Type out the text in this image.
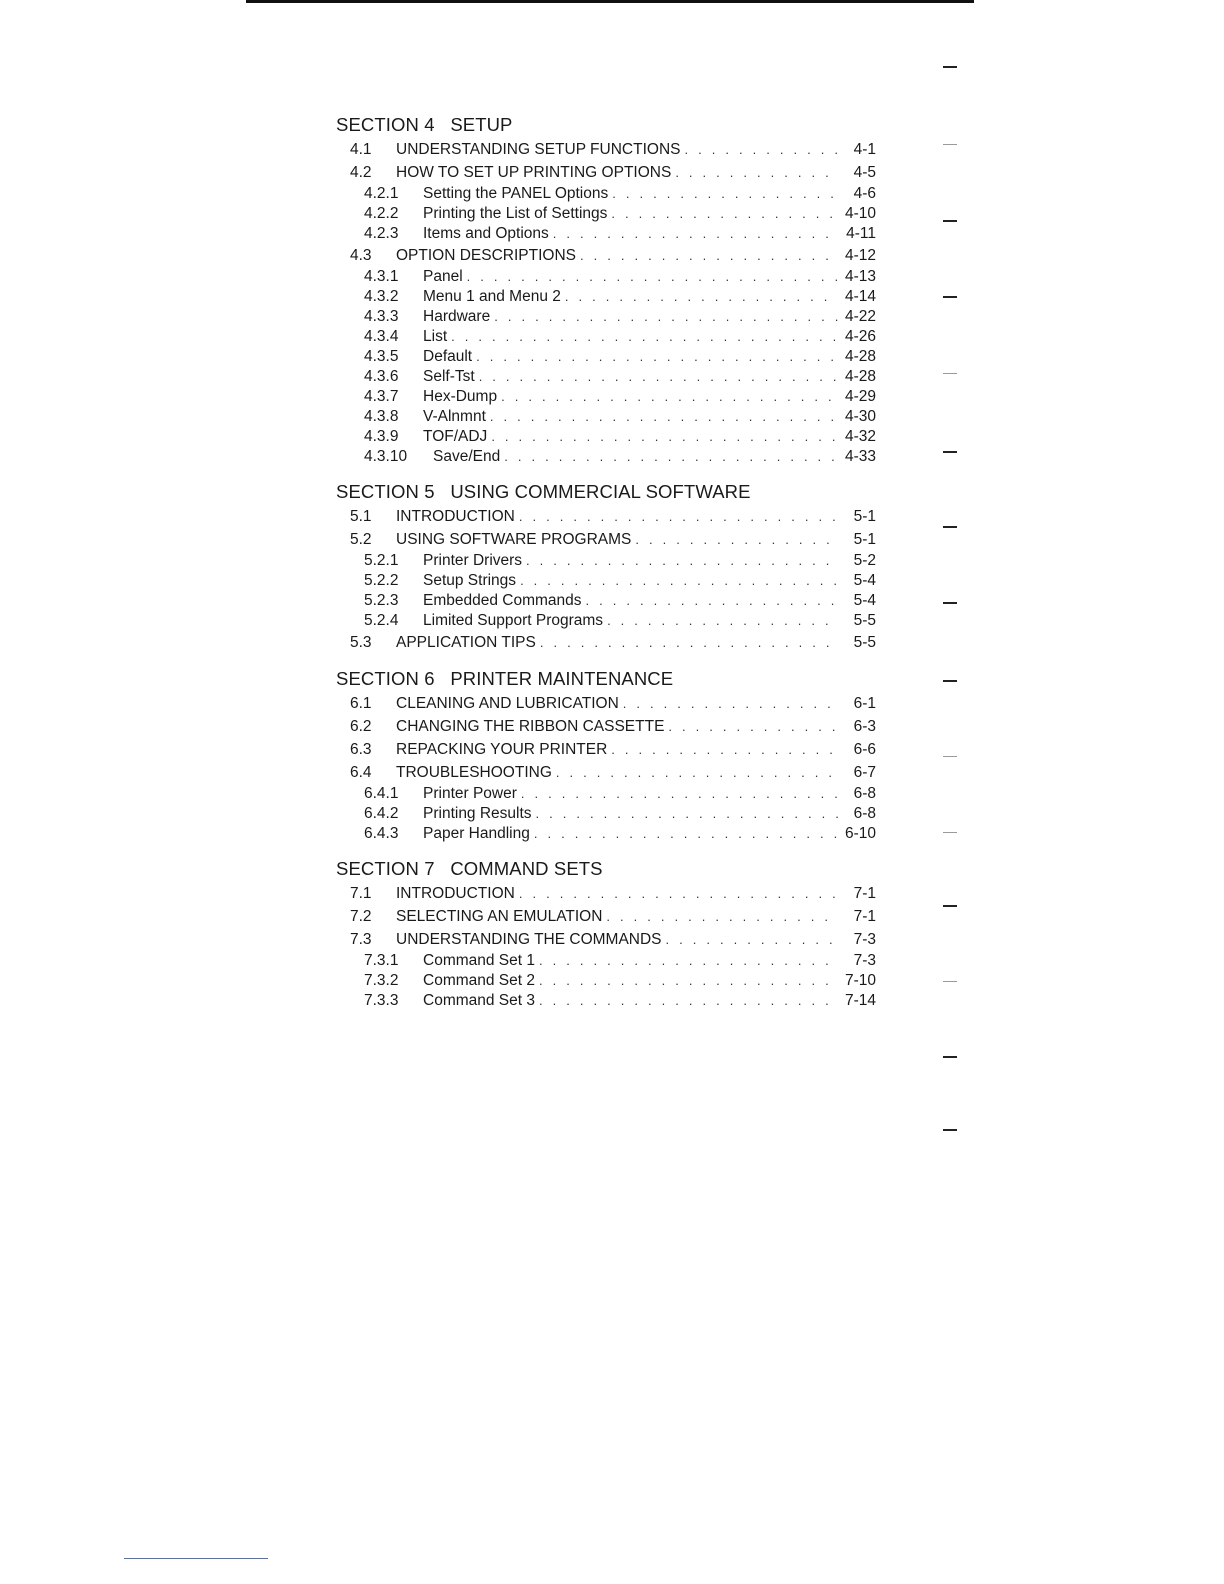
SECTION 4 SETUP
4.1	UNDERSTANDING SETUP FUNCTIONS . . .	4-1
4.2	HOW TO SET UP PRINTING OPTIONS . . .	4-5
4.2.1	Setting the PANEL Options . . .	4-6
4.2.2	Printing the List of Settings . . .	4-10
4.2.3	Items and Options . . .	4-11
4.3	OPTION DESCRIPTIONS . . .	4-12
4.3.1	Panel . . .	4-13
4.3.2	Menu 1 and Menu 2 . . .	4-14
4.3.3	Hardware . . .	4-22
4.3.4	List . . .	4-26
4.3.5	Default . . .	4-28
4.3.6	Self-Tst . . .	4-28
4.3.7	Hex-Dump . . .	4-29
4.3.8	V-Alnmnt . . .	4-30
4.3.9	TOF/ADJ . . .	4-32
4.3.10	Save/End . . .	4-33
SECTION 5 USING COMMERCIAL SOFTWARE
5.1	INTRODUCTION . . .	5-1
5.2	USING SOFTWARE PROGRAMS . . .	5-1
5.2.1	Printer Drivers . . .	5-2
5.2.2	Setup Strings . . .	5-4
5.2.3	Embedded Commands . . .	5-4
5.2.4	Limited Support Programs . . .	5-5
5.3	APPLICATION TIPS . . .	5-5
SECTION 6 PRINTER MAINTENANCE
6.1	CLEANING AND LUBRICATION . . .	6-1
6.2	CHANGING THE RIBBON CASSETTE . . .	6-3
6.3	REPACKING YOUR PRINTER . . .	6-6
6.4	TROUBLESHOOTING . . .	6-7
6.4.1	Printer Power . . .	6-8
6.4.2	Printing Results . . .	6-8
6.4.3	Paper Handling . . .	6-10
SECTION 7 COMMAND SETS
7.1	INTRODUCTION . . .	7-1
7.2	SELECTING AN EMULATION . . .	7-1
7.3	UNDERSTANDING THE COMMANDS . . .	7-3
7.3.1	Command Set 1 . . .	7-3
7.3.2	Command Set 2 . . .	7-10
7.3.3	Command Set 3 . . .	7-14
